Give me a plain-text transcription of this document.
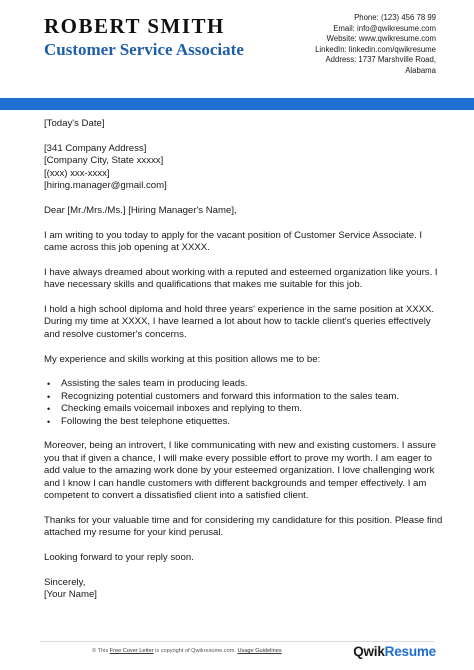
ROBERT SMITH
Customer Service Associate
Phone: (123) 456 78 99
Email: info@qwikresume.com
Website: www.qwikresume.com
LinkedIn: linkedin.com/qwikresume
Address: 1737 Marshville Road,
Alabama
[Today's Date]
[341 Company Address]
[Company City, State xxxxx]
[(xxx) xxx-xxxx]
[hiring.manager@gmail.com]
Dear [Mr./Mrs./Ms.] [Hiring Manager's Name],
I am writing to you today to apply for the vacant position of Customer Service Associate. I came across this job opening at XXXX.
I have always dreamed about working with a reputed and esteemed organization like yours. I have necessary skills and qualifications that makes me suitable for this job.
I hold a high school diploma and hold three years' experience in the same position at XXXX. During my time at XXXX, I have learned a lot about how to tackle client's queries effectively and resolve customer's concerns.
My experience and skills working at this position allows me to be:
• Assisting the sales team in producing leads.
• Recognizing potential customers and forward this information to the sales team.
• Checking emails voicemail inboxes and replying to them.
• Following the best telephone etiquettes.
Moreover, being an introvert, I like communicating with new and existing customers. I assure you that if given a chance, I will make every possible effort to prove my worth. I am eager to add value to the amazing work done by your esteemed organization. I love challenging work and I know I can handle customers with different backgrounds and temper effectively. I am competent to convert a dissatisfied client into a satisfied client.
Thanks for your valuable time and for considering my candidature for this position. Please find attached my resume for your kind perusal.
Looking forward to your reply soon.
Sincerely,
[Your Name]
© This Free Cover Letter is copyright of Qwikresume.com. Usage Guidelines	QwikResume
